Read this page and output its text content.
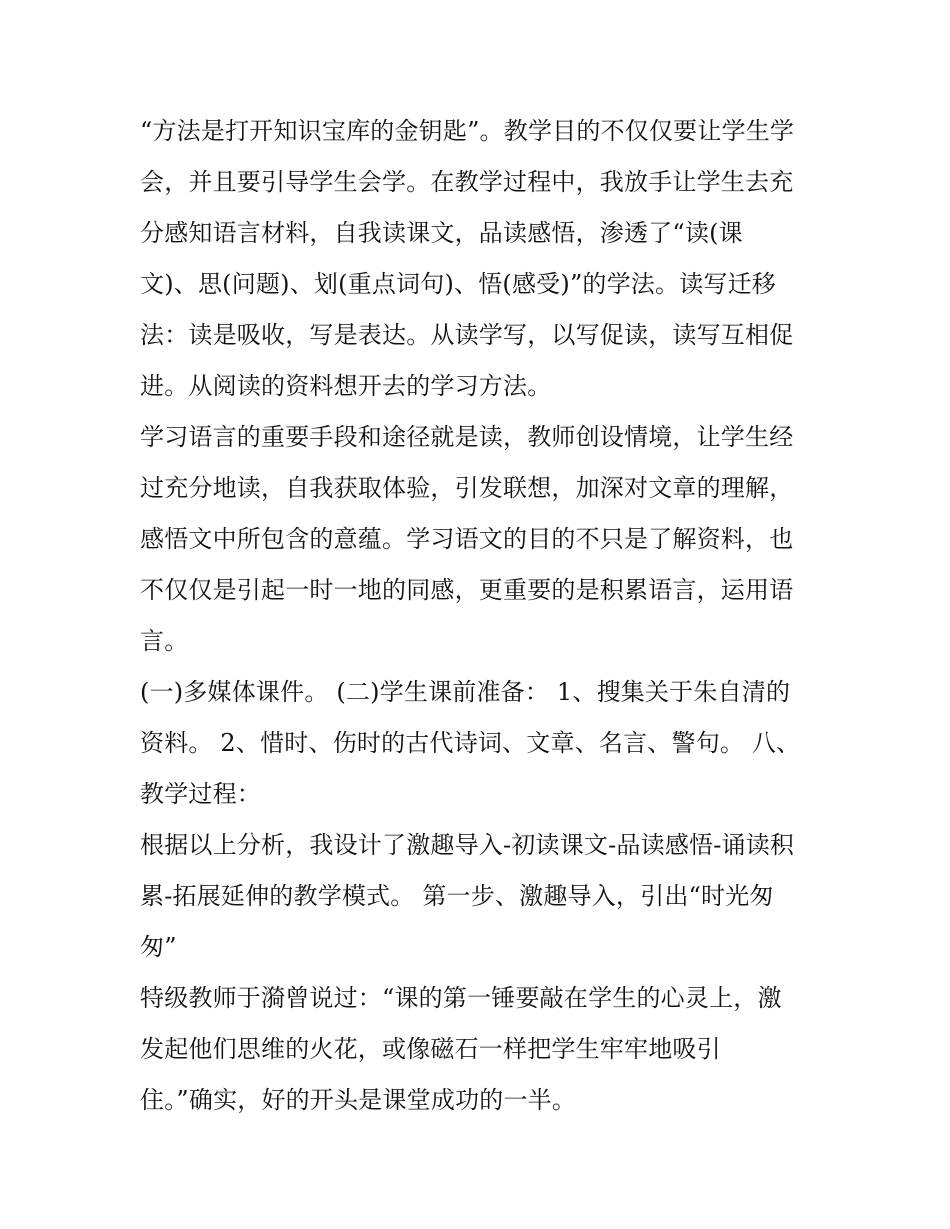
“方法是打开知识宝库的金钥匙”。教学目的不仅仅要让学生学
会，并且要引导学生会学。在教学过程中，我放手让学生去充
分感知语言材料，自我读课文，品读感悟，渗透了“读(课
文)、思(问题)、划(重点词句)、悟(感受)”的学法。读写迁移
法：读是吸收，写是表达。从读学写，以写促读，读写互相促
进。从阅读的资料想开去的学习方法。

学习语言的重要手段和途径就是读，教师创设情境，让学生经
过充分地读，自我获取体验，引发联想，加深对文章的理解，
感悟文中所包含的意蕴。学习语文的目的不只是了解资料，也
不仅仅是引起一时一地的同感，更重要的是积累语言，运用语
言。

(一)多媒体课件。 (二)学生课前准备： 1、搜集关于朱自清的
资料。 2、惜时、伤时的古代诗词、文章、名言、警句。 八、
教学过程：

根据以上分析，我设计了激趣导入-初读课文-品读感悟-诵读积
累-拓展延伸的教学模式。 第一步、激趣导入，引出“时光匆
匆”

特级教师于漪曾说过：“课的第一锤要敲在学生的心灵上，激
发起他们思维的火花，或像磁石一样把学生牢牢地吸引
住。”确实，好的开头是课堂成功的一半。
